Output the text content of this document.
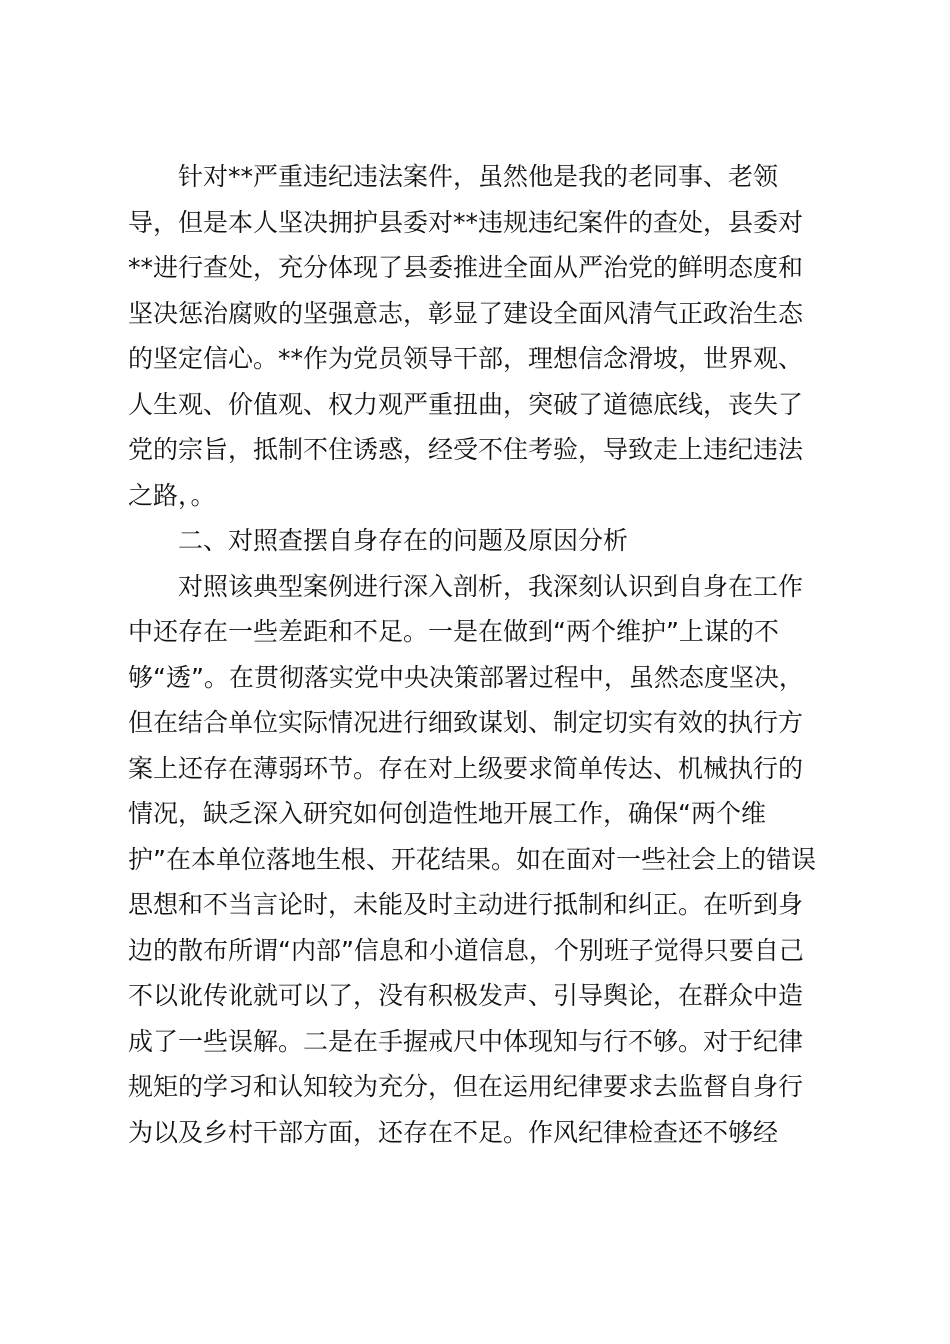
针对**严重违纪违法案件，虽然他是我的老同事、老领
导，但是本人坚决拥护县委对**违规违纪案件的查处，县委对
**进行查处，充分体现了县委推进全面从严治党的鲜明态度和
坚决惩治腐败的坚强意志，彰显了建设全面风清气正政治生态
的坚定信心。**作为党员领导干部，理想信念滑坡，世界观、
人生观、价值观、权力观严重扭曲，突破了道德底线，丧失了
党的宗旨，抵制不住诱惑，经受不住考验，导致走上违纪违法
之路，。
二、对照查摆自身存在的问题及原因分析
对照该典型案例进行深入剖析，我深刻认识到自身在工作
中还存在一些差距和不足。一是在做到“两个维护”上谋的不
够“透”。在贯彻落实党中央决策部署过程中，虽然态度坚决，
但在结合单位实际情况进行细致谋划、制定切实有效的执行方
案上还存在薄弱环节。存在对上级要求简单传达、机械执行的
情况，缺乏深入研究如何创造性地开展工作，确保“两个维
护”在本单位落地生根、开花结果。如在面对一些社会上的错误
思想和不当言论时，未能及时主动进行抵制和纠正。在听到身
边的散布所谓“内部”信息和小道信息，个别班子觉得只要自己
不以讹传讹就可以了，没有积极发声、引导舆论，在群众中造
成了一些误解。二是在手握戒尺中体现知与行不够。对于纪律
规矩的学习和认知较为充分，但在运用纪律要求去监督自身行
为以及乡村干部方面，还存在不足。作风纪律检查还不够经
